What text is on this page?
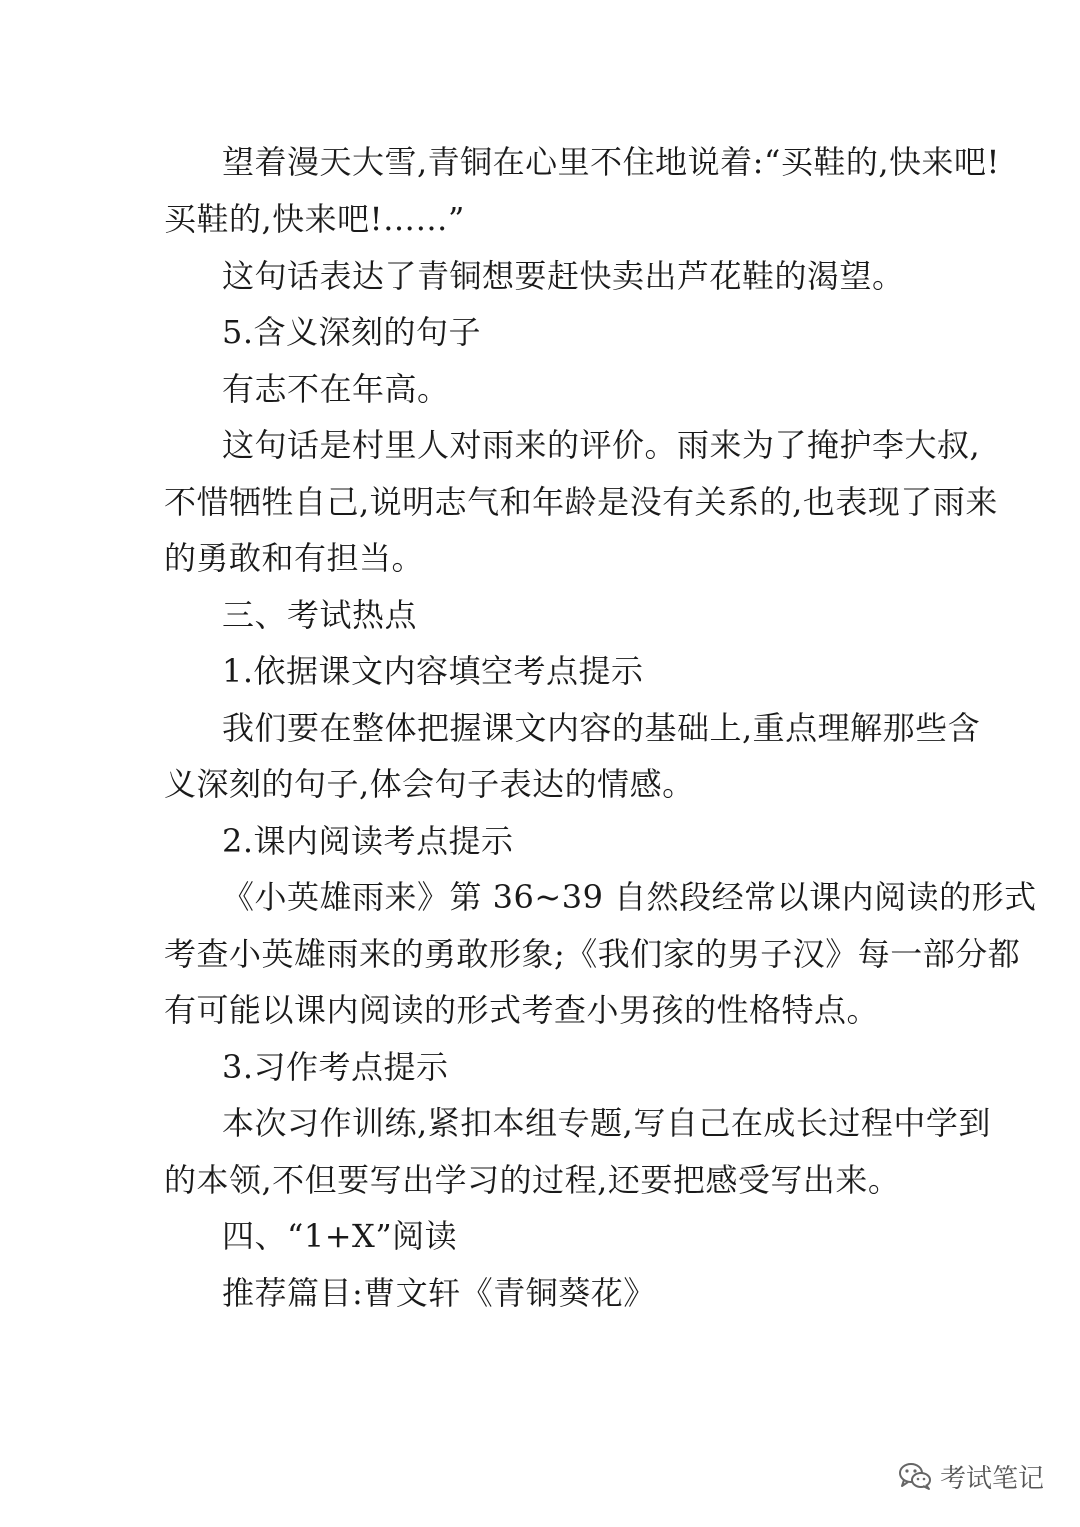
望着漫天大雪,青铜在心里不住地说着:“买鞋的,快来吧!
买鞋的,快来吧!……”
这句话表达了青铜想要赶快卖出芦花鞋的渴望。
5.含义深刻的句子
有志不在年高。
这句话是村里人对雨来的评价。雨来为了掩护李大叔,
不惜牺牲自己,说明志气和年龄是没有关系的,也表现了雨来
的勇敢和有担当。
三、考试热点
1.依据课文内容填空考点提示
我们要在整体把握课文内容的基础上,重点理解那些含
义深刻的句子,体会句子表达的情感。
2.课内阅读考点提示
《小英雄雨来》第 36~39 自然段经常以课内阅读的形式
考查小英雄雨来的勇敢形象;《我们家的男子汉》每一部分都
有可能以课内阅读的形式考查小男孩的性格特点。
3.习作考点提示
本次习作训练,紧扣本组专题,写自己在成长过程中学到
的本领,不但要写出学习的过程,还要把感受写出来。
四、“1+X”阅读
推荐篇目:曹文轩《青铜葵花》
考试笔记
